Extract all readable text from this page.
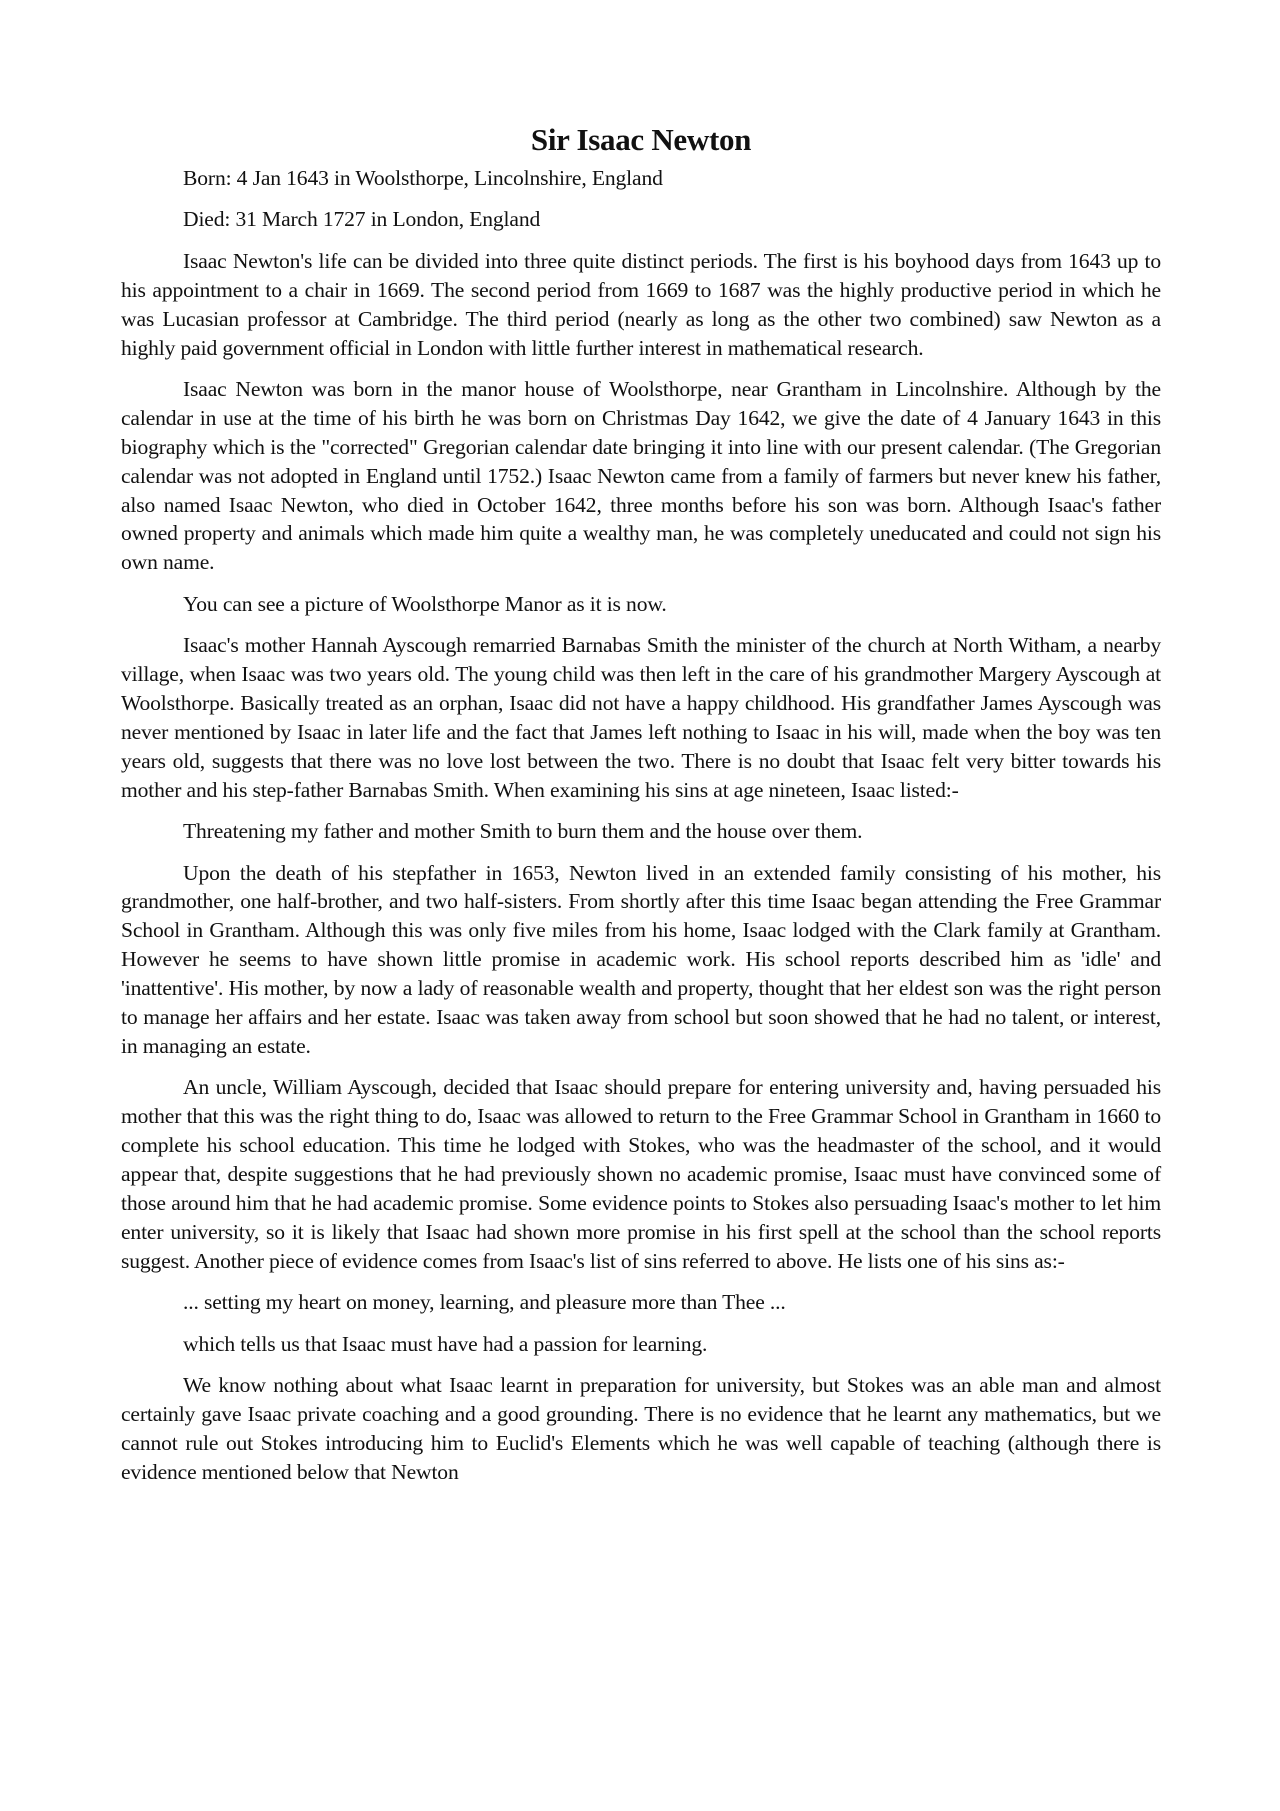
Sir Isaac Newton

Born: 4 Jan 1643 in Woolsthorpe, Lincolnshire, England

Died: 31 March 1727 in London, England

Isaac Newton's life can be divided into three quite distinct periods. The first is his boyhood days from 1643 up to his appointment to a chair in 1669. The second period from 1669 to 1687 was the highly productive period in which he was Lucasian professor at Cambridge. The third period (nearly as long as the other two combined) saw Newton as a highly paid government official in London with little further interest in mathematical research.

Isaac Newton was born in the manor house of Woolsthorpe, near Grantham in Lincolnshire. Although by the calendar in use at the time of his birth he was born on Christmas Day 1642, we give the date of 4 January 1643 in this biography which is the "corrected" Gregorian calendar date bringing it into line with our present calendar. (The Gregorian calendar was not adopted in England until 1752.) Isaac Newton came from a family of farmers but never knew his father, also named Isaac Newton, who died in October 1642, three months before his son was born. Although Isaac's father owned property and animals which made him quite a wealthy man, he was completely uneducated and could not sign his own name.

You can see a picture of Woolsthorpe Manor as it is now.

Isaac's mother Hannah Ayscough remarried Barnabas Smith the minister of the church at North Witham, a nearby village, when Isaac was two years old. The young child was then left in the care of his grandmother Margery Ayscough at Woolsthorpe. Basically treated as an orphan, Isaac did not have a happy childhood. His grandfather James Ayscough was never mentioned by Isaac in later life and the fact that James left nothing to Isaac in his will, made when the boy was ten years old, suggests that there was no love lost between the two. There is no doubt that Isaac felt very bitter towards his mother and his step-father Barnabas Smith. When examining his sins at age nineteen, Isaac listed:-

Threatening my father and mother Smith to burn them and the house over them.

Upon the death of his stepfather in 1653, Newton lived in an extended family consisting of his mother, his grandmother, one half-brother, and two half-sisters. From shortly after this time Isaac began attending the Free Grammar School in Grantham. Although this was only five miles from his home, Isaac lodged with the Clark family at Grantham. However he seems to have shown little promise in academic work. His school reports described him as 'idle' and 'inattentive'. His mother, by now a lady of reasonable wealth and property, thought that her eldest son was the right person to manage her affairs and her estate. Isaac was taken away from school but soon showed that he had no talent, or interest, in managing an estate.

An uncle, William Ayscough, decided that Isaac should prepare for entering university and, having persuaded his mother that this was the right thing to do, Isaac was allowed to return to the Free Grammar School in Grantham in 1660 to complete his school education. This time he lodged with Stokes, who was the headmaster of the school, and it would appear that, despite suggestions that he had previously shown no academic promise, Isaac must have convinced some of those around him that he had academic promise. Some evidence points to Stokes also persuading Isaac's mother to let him enter university, so it is likely that Isaac had shown more promise in his first spell at the school than the school reports suggest. Another piece of evidence comes from Isaac's list of sins referred to above. He lists one of his sins as:-

... setting my heart on money, learning, and pleasure more than Thee ...

which tells us that Isaac must have had a passion for learning.

We know nothing about what Isaac learnt in preparation for university, but Stokes was an able man and almost certainly gave Isaac private coaching and a good grounding. There is no evidence that he learnt any mathematics, but we cannot rule out Stokes introducing him to Euclid's Elements which he was well capable of teaching (although there is evidence mentioned below that Newton
